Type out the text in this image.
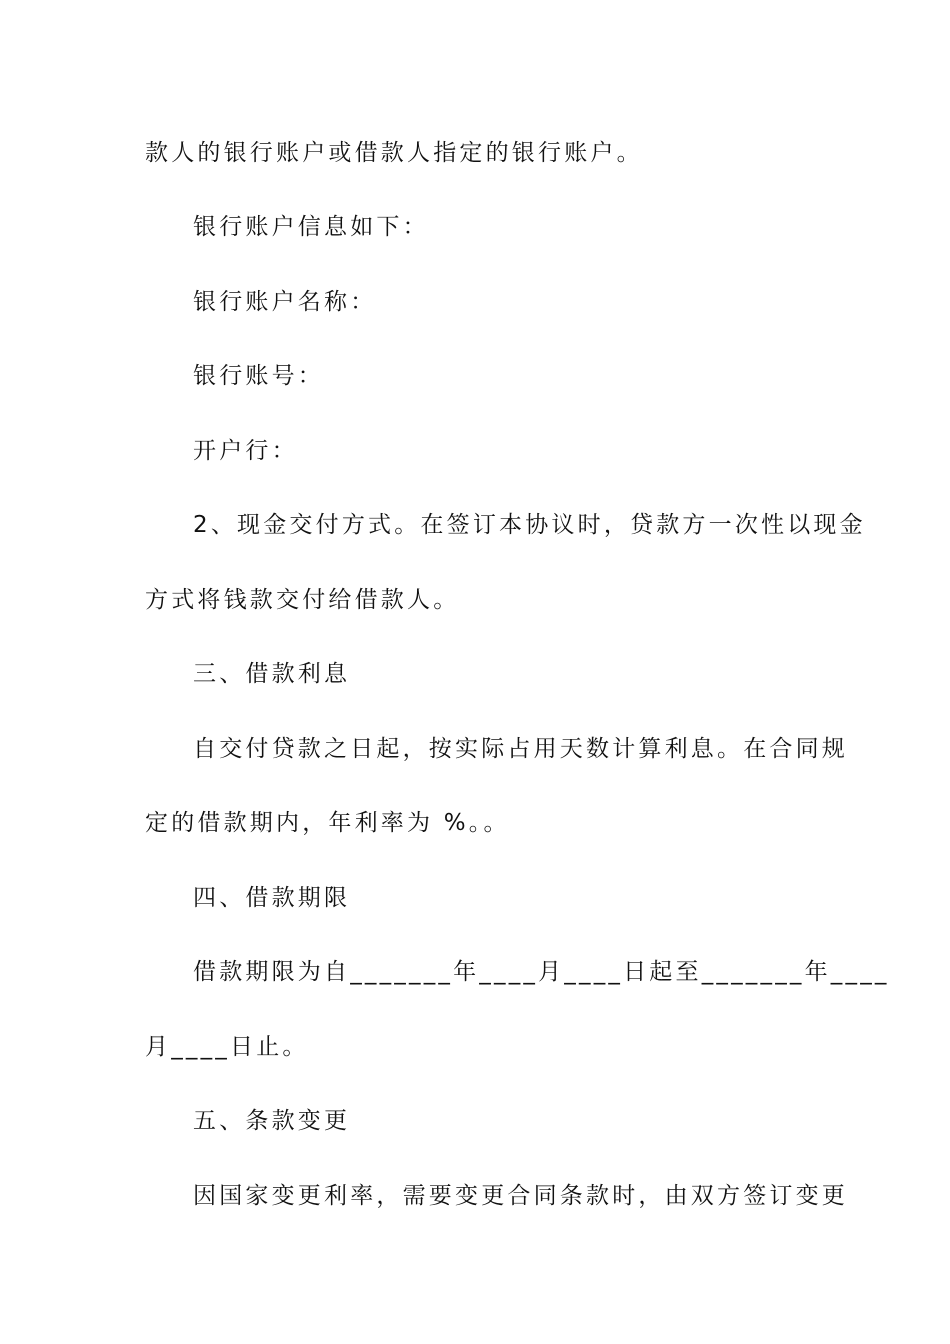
款人的银行账户或借款人指定的银行账户。

银行账户信息如下：

银行账户名称：

银行账号：

开户行：

2、现金交付方式。在签订本协议时，贷款方一次性以现金

方式将钱款交付给借款人。

三、借款利息

自交付贷款之日起，按实际占用天数计算利息。在合同规

定的借款期内，年利率为 %。。

四、借款期限

借款期限为自_______年____月____日起至_______年____

月____日止。

五、条款变更

因国家变更利率，需要变更合同条款时，由双方签订变更
